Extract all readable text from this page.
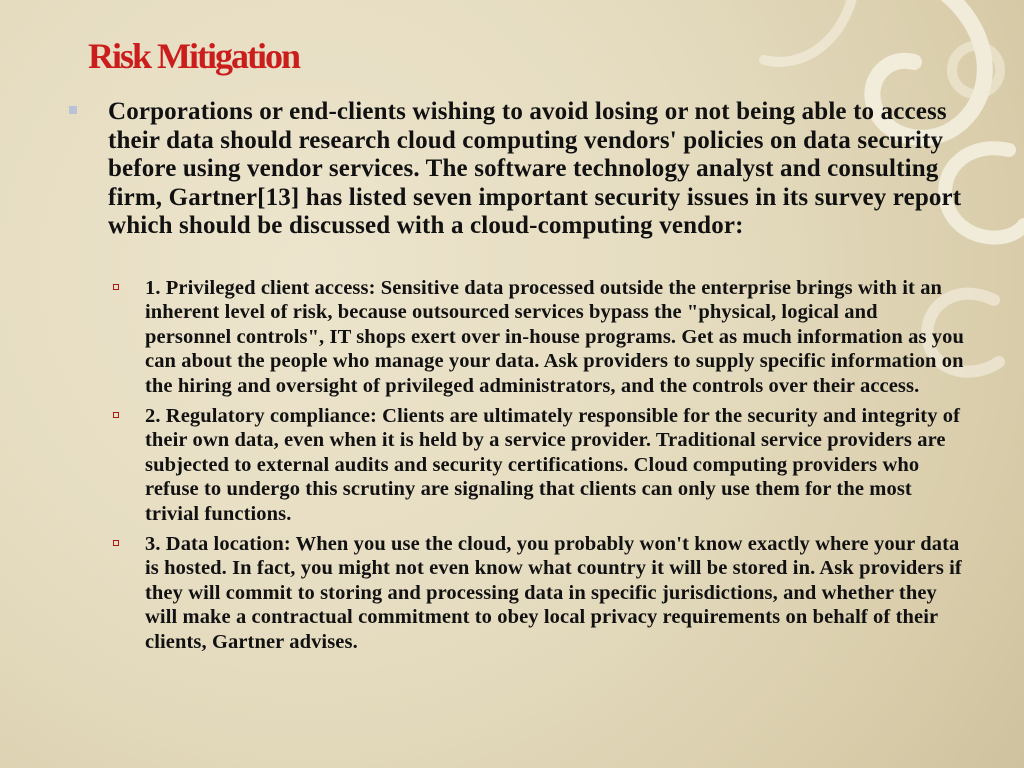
Risk Mitigation

Corporations or end-clients wishing to avoid losing or not being able to access their data should research cloud computing vendors' policies on data security before using vendor services. The software technology analyst and consulting firm, Gartner[13] has listed seven important security issues in its survey report which should be discussed with a cloud-computing vendor:

1. Privileged client access: Sensitive data processed outside the enterprise brings with it an inherent level of risk, because outsourced services bypass the "physical, logical and personnel controls", IT shops exert over in-house programs. Get as much information as you can about the people who manage your data. Ask providers to supply specific information on the hiring and oversight of privileged administrators, and the controls over their access.

2. Regulatory compliance: Clients are ultimately responsible for the security and integrity of their own data, even when it is held by a service provider. Traditional service providers are subjected to external audits and security certifications. Cloud computing providers who refuse to undergo this scrutiny are signaling that clients can only use them for the most trivial functions.

3. Data location: When you use the cloud, you probably won't know exactly where your data is hosted. In fact, you might not even know what country it will be stored in. Ask providers if they will commit to storing and processing data in specific jurisdictions, and whether they will make a contractual commitment to obey local privacy requirements on behalf of their clients, Gartner advises.
